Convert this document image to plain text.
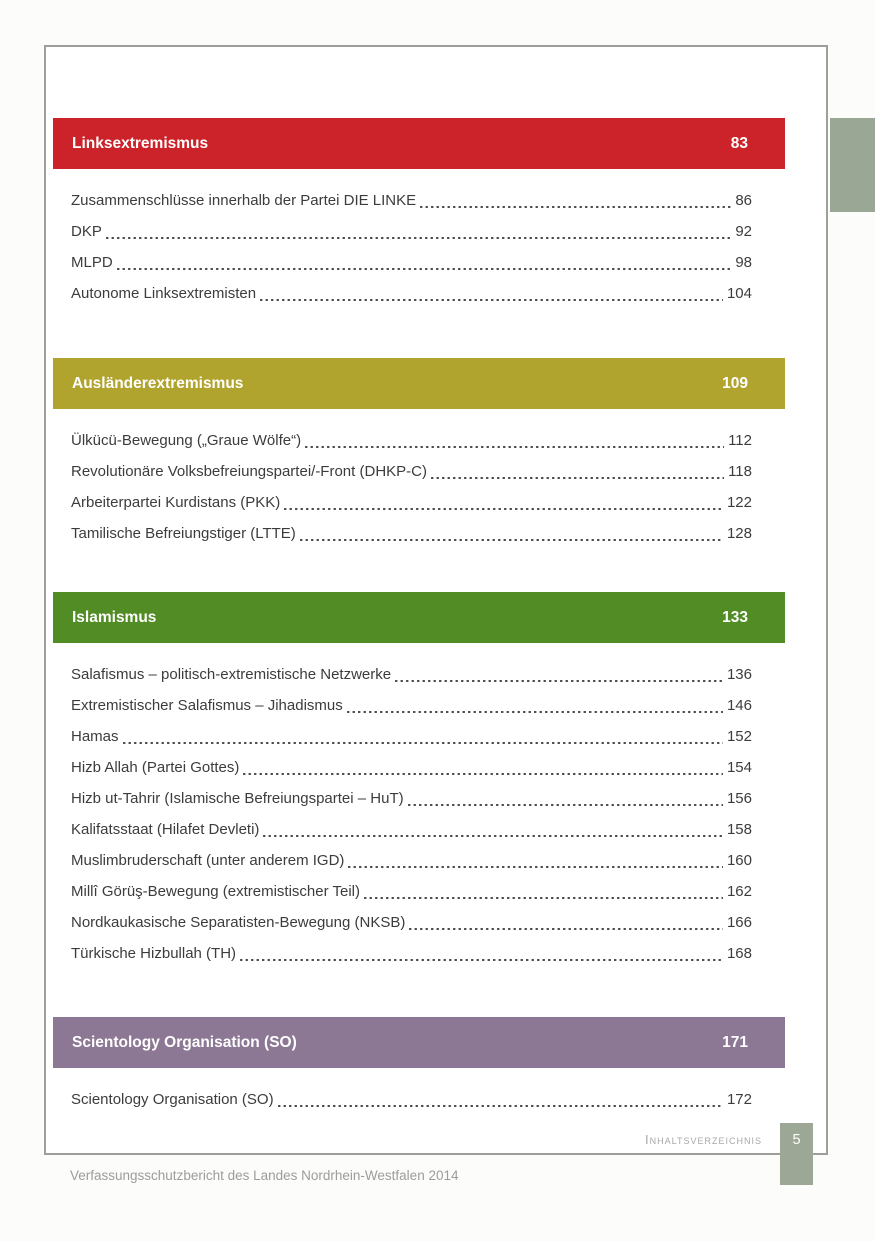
Linksextremismus	83
Zusammenschlüsse innerhalb der Partei DIE LINKE	86
DKP	92
MLPD	98
Autonome Linksextremisten	104
Ausländerextremismus	109
Ülkücü-Bewegung („Graue Wölfe“)	112
Revolutionäre Volksbefreiungspartei/-Front (DHKP-C)	118
Arbeiterpartei Kurdistans (PKK)	122
Tamilische Befreiungstiger (LTTE)	128
Islamismus	133
Salafismus – politisch-extremistische Netzwerke	136
Extremistischer Salafismus – Jihadismus	146
Hamas	152
Hizb Allah (Partei Gottes)	154
Hizb ut-Tahrir (Islamische Befreiungspartei – HuT)	156
Kalifatsstaat (Hilafet Devleti)	158
Muslimbruderschaft (unter anderem IGD)	160
Millî Görüş-Bewegung (extremistischer Teil)	162
Nordkaukasische Separatisten-Bewegung (NKSB)	166
Türkische Hizbullah (TH)	168
Scientology Organisation (SO)	171
Scientology Organisation (SO)	172
Inhaltsverzeichnis	5
Verfassungsschutzbericht des Landes Nordrhein-Westfalen 2014
